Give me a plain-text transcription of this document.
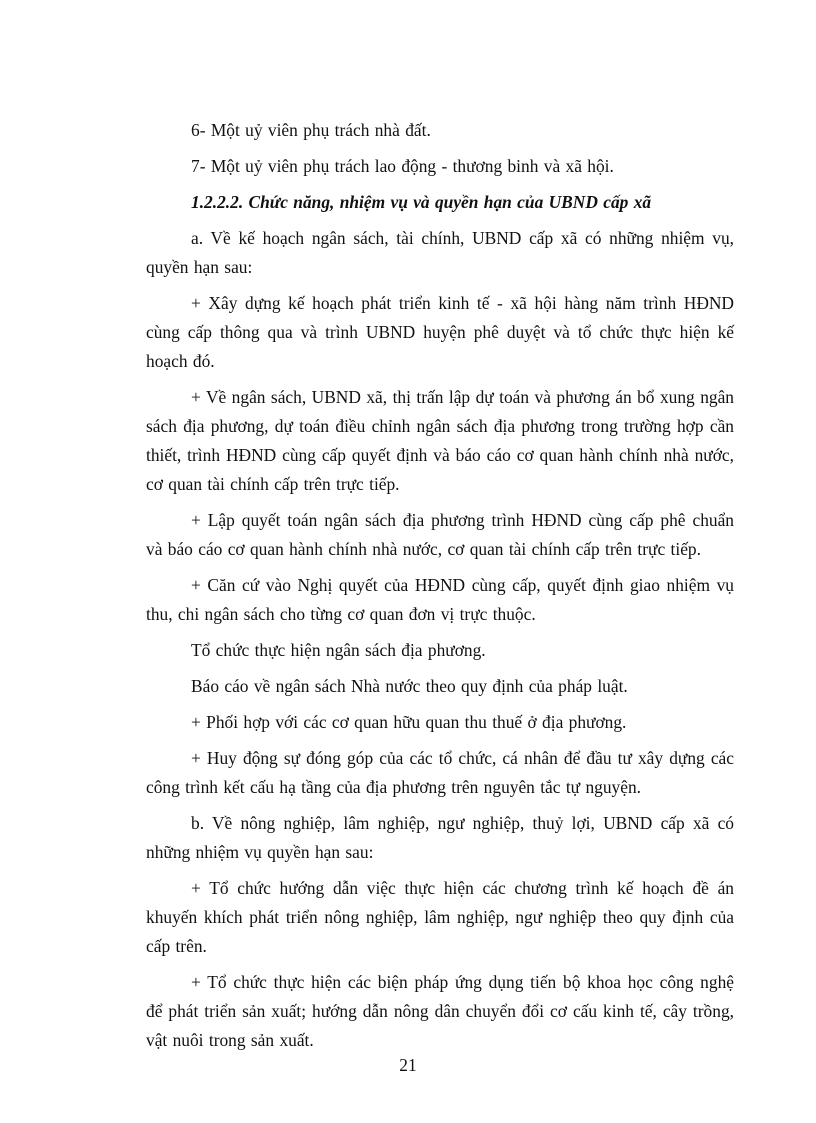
6- Một uỷ viên phụ trách nhà đất.

7- Một uỷ viên phụ trách lao động - thương binh và xã hội.

1.2.2.2. Chức năng, nhiệm vụ và quyền hạn của UBND cấp xã

a. Về kế hoạch ngân sách, tài chính, UBND cấp xã có những nhiệm vụ, quyền hạn sau:

+ Xây dựng kế hoạch phát triển kinh tế - xã hội hàng năm trình HĐND cùng cấp thông qua và trình UBND huyện phê duyệt và tổ chức thực hiện kế hoạch đó.

+ Về ngân sách, UBND xã, thị trấn lập dự toán và phương án bổ xung ngân sách địa phương, dự toán điều chỉnh ngân sách địa phương trong trường hợp cần thiết, trình HĐND cùng cấp quyết định và báo cáo cơ quan hành chính nhà nước, cơ quan tài chính cấp trên trực tiếp.

+ Lập quyết toán ngân sách địa phương trình HĐND cùng cấp phê chuẩn và báo cáo cơ quan hành chính nhà nước, cơ quan tài chính cấp trên trực tiếp.

+ Căn cứ vào Nghị quyết của HĐND cùng cấp, quyết định giao nhiệm vụ thu, chi ngân sách cho từng cơ quan đơn vị trực thuộc.

Tổ chức thực hiện ngân sách địa phương.

Báo cáo về ngân sách Nhà nước theo quy định của pháp luật.

+ Phối hợp với các cơ quan hữu quan thu thuế ở địa phương.

+ Huy động sự đóng góp của các tổ chức, cá nhân để đầu tư xây dựng các công trình kết cấu hạ tầng của địa phương trên nguyên tắc tự nguyện.

b. Về nông nghiệp, lâm nghiệp, ngư nghiệp, thuỷ lợi, UBND cấp xã có những nhiệm vụ quyền hạn sau:

+ Tổ chức hướng dẫn việc thực hiện các chương trình kế hoạch đề án khuyến khích phát triển nông nghiệp, lâm nghiệp, ngư nghiệp theo quy định của cấp trên.

+ Tổ chức thực hiện các biện pháp ứng dụng tiến bộ khoa học công nghệ để phát triển sản xuất; hướng dẫn nông dân chuyển đổi cơ cấu kinh tế, cây trồng, vật nuôi trong sản xuất.

21
